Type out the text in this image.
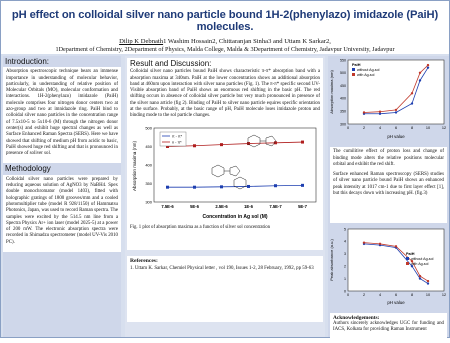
pH effect on colloidal silver nano particle bound 1H-2(phenylazo) imidazole (PaiH) molecules.
Dilip K Debnath1 Washim Hossain2, Chittaranjan Sinha3 and Uttam K Sarkar2,
1Department of Chemistry, 2Department of Physics, Malda College, Malda & 3Department of Chemistry, Jadavpur University, Jadavpur
Introduction:

Absorption spectroscopic technique bears an immense importance in understanding of molecular behavior, particularly, in understanding of relative position of Molecular Orbitals (MO), molecular conformation and interactions. 1H-2(phenylazo) imidazole (PaiH) molecule comprises four nitrogen donor centers two at azo-group and two at imnidazole ring. PaiH bind to colloidal silver nano particles in the concentration range of 7.5x10-5 to 5x10-6 (M) through the nitrogen donor center(s) and exhibit huge spectral changes as well as Surface Enhanced Raman Spectra (SERS). Here we have showed that shifting of medium pH from acidic to basic, PaiH showed huge red shifting and that is pronounced in presence of soliver sol.

Methodology

Colloidal silver nano particles were prepared by reducing aqueous solution of AgNO3 by NaBH4. Spex double monochromator (model 1403), fitted with holographic gratings of 1800 grooves/mm and a cooled photomultiplier tube (model R 928/1150) of Hammatsu Photonics, Japan, was used to record Raman spectra. The samples were excited by the 514.5 nm line from a Spectra Physics Ar+ ion laser (model 2025-5) at a power of 200 mW. The electronic absorption spectra were recorded in Shimadzu spectrometer (model UV-Vis 2010 PC).

Result and Discussion:

Colloidal silver nano particles bound PaiH shows characteristic π-π* absorption band with a absorption maxima at 340nm. PaiH at the lower concentration shows an additional absorption band at 460nm upon interaction with silver nano particles (Fig. 1). The π-π* specific second UV-Visible absorption band of PaiH shows an enormous red shifting in the basic pH. The red shifting occurs in absence of colloidal silver particle but very much pronounced in presence of the silver nano article (fig 2). Binding of PaiH to silver nano particle equires specific orientation at the surface. Probably, at the basic range of pH, PaiH molecule loses imidazole proton and binding mode to the sol particle changes.

Absorption maxima (nm)
Concentration in Ag sol (M)
7.5E-6	5E-6	2.5E-6	1E-6	7.5E-7	5E-7
300
350
400
450
500
π - π*
n - π*

Fig. 1 plot of absorption maxima as a function of silver sol concentration

References:

1. Uttam K. Sarkar, Chemiel Physical letter , vol 190, Issues 1-2, 28 February, 1992, pp 59-63

Absorption maxima (nm)
pH value
0	2	4	6	8	10	12
300
350
400
450
500
550
PaiH
without Ag-sol
with Ag-sol

The cumilitive effect of proton loss and change of binding mode alters the relative positions molecular orbital and exhibit the red shift.

Surface enhanced Raman spectroscopy (SERS) studies of silver nano particle bound PaiH shows an enhanced peak intensity at 1017 cm-1 due to first layer effect [1], but this decays down with increasing pH. (fig.3)

Peak absorbance (a.u.)
pH value
0	2	4	6	8	10	12
0
1
2
3
4
5
PaiH
without Ag-sol
with Ag-sol
Acknowledgements:

Authors sincerely acknowledges UGC for funding and IACS, Kolkata for providing Raman Instrument
